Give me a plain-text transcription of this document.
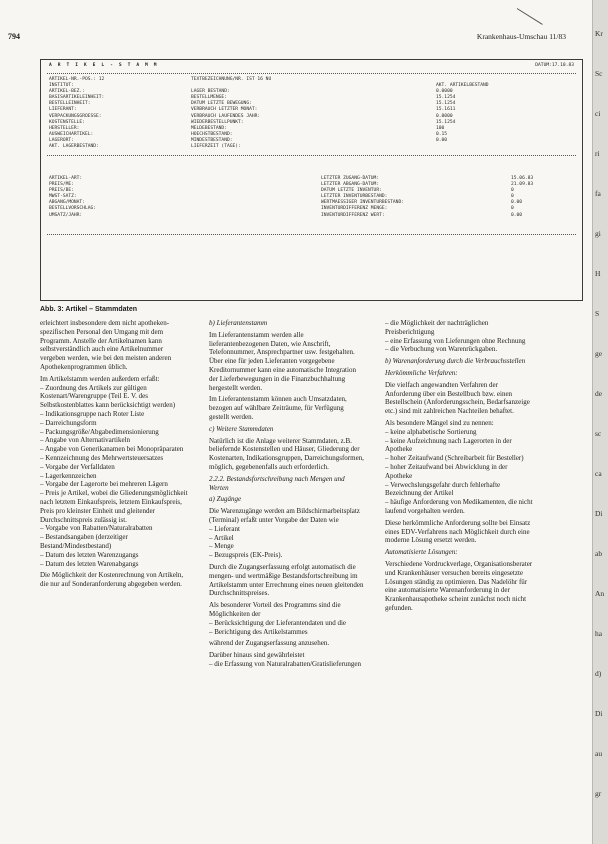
794	Krankenhaus-Umschau 11/83
A R T I K E L - S T A M M	DATUM:17.10.83
ARTIKEL-NR.-POS.: 12
INSTITUT:
ARTIKEL-BEZ.:
BASISARTIKELEINHEIT:
BESTELLEINHEIT:
LIEFERANT:
VERPACKUNGSGROESSE:
KOSTENSTELLE:
HERSTELLER:
AUSWEICHARTIKEL:
LAGERORT:
AKT. LAGERBESTAND:
TEXTBEZEICHNUNG/NR. IST 16 NU
LAGER BESTAND:
BESTELLMENGE:
DATUM LETZTE BEWEGUNG:
VERBRAUCH LETZTER MONAT:
VERBRAUCH LAUFENDES JAHR:
WIEDERBESTELLPUNKT:
MELDEBESTAND:
HOECHSTBESTAND:
MINDESTBESTAND:
LIEFERZEIT (TAGE):
AKT. ARTIKELBESTAND
0.0000
15.1254
15.1254
15.1611
0.0000
15.1254
100
0.15
0.00
ARTIKEL-ART:
PREIS/ME:
PREIS/BE:
MWST-SATZ:
ABGANG/MONAT:
BESTELLVORSCHLAG:
UMSATZ/JAHR:
LETZTER ZUGANG-DATUM:
LETZTER ABGANG-DATUM:
DATUM LETZTE INVENTUR:
LETZTER INVENTURBESTAND:
WERTMAESSIGER INVENTURBESTAND:
INVENTURDIFFERENZ MENGE:
INVENTURDIFFERENZ WERT:
15.06.83
21.09.83
0
0
0.00
0
0.00
Abb. 3: Artikel – Stammdaten

erleichtert insbesondere dem nicht apotheken-spezifischen Personal den Umgang mit dem Programm. Anstelle der Artikelnamen kann selbstverständlich auch eine Artikelnummer vergeben werden, wie bei den meisten anderen Apothekenprogrammen üblich.

Im Artikelstamm werden außerdem erfaßt:

– Zuordnung des Artikels zur gültigen Kostenart/Warengruppe (Teil E. V. des Selbstkostenblattes kann berücksichtigt werden)

– Indikationsgruppe nach Roter Liste

– Darreichungsform

– Packungsgröße/Abgabedimensionierung

– Angabe von Alternativartikeln

– Angabe von Generikanamen bei Monopräparaten

– Kennzeichnung des Mehrwertsteuersatzes

– Vorgabe der Verfalldaten

– Lagerkennzeichen

– Vorgabe der Lagerorte bei mehreren Lägern

– Preis je Artikel, wobei die Gliederungsmöglichkeit nach letztem Einkaufspreis, letztem Einkaufspreis, Preis pro kleinster Einheit und gleitender Durchschnittspreis zulässig ist.

– Vorgabe von Rabatten/Naturalrabatten

– Bestandsangaben (derzeitiger Bestand/Mindestbestand)

– Datum des letzten Warenzugangs

– Datum des letzten Warenabgangs

Die Möglichkeit der Kostenrechnung von Artikeln, die nur auf Sonderanforderung abgegeben werden.

b) Lieferantenstamm

Im Lieferantenstamm werden alle lieferantenbezogenen Daten, wie Anschrift, Telefonnummer, Ansprechpartner usw. festgehalten. Über eine für jeden Lieferanten vorgegebene Kreditornummer kann eine automatische Integration der Lieferbewegungen in die Finanzbuchhaltung hergestellt werden.

Im Lieferantenstamm können auch Umsatzdaten, bezogen auf wählbare Zeiträume, für Verfügung gestellt werden.

c) Weitere Stammdaten

Natürlich ist die Anlage weiterer Stammdaten, z.B. beliefernde Kostenstellen und Häuser, Gliederung der Kostenarten, Indikationsgruppen, Darreichungsformen, möglich, gegebenenfalls auch erforderlich.

2.2.2. Bestandsfortschreibung nach Mengen und Werten

a) Zugänge

Die Warenzugänge werden am Bildschirmarbeitsplatz (Terminal) erfaßt unter Vorgabe der Daten wie

– Lieferant

– Artikel

– Menge

– Bezugspreis (EK-Preis).

Durch die Zugangserfassung erfolgt automatisch die mengen- und wertmäßige Bestandsfortschreibung im Artikelstamm unter Errechnung eines neuen gleitenden Durchschnittspreises.

Als besonderer Vorteil des Programms sind die Möglichkeiten der

– Berücksichtigung der Lieferantendaten und die

– Berichtigung des Artikelstammes

während der Zugangserfassung anzusehen.

Darüber hinaus sind gewährleistet

– die Erfassung von Naturalrabatten/Gratislieferungen

– die Möglichkeit der nachträglichen Preisberichtigung

– eine Erfassung von Lieferungen ohne Rechnung

– die Verbuchung von Warenrückgaben.

b) Warenanforderung durch die Verbrauchsstellen

Herkömmliche Verfahren:

Die vielfach angewandten Verfahren der Anforderung über ein Bestellbuch bzw. einen Bestellschein (Anforderungsschein, Bedarfsanzeige etc.) sind mit zahlreichen Nachteilen behaftet.

Als besondere Mängel sind zu nennen:

– keine alphabetische Sortierung

– keine Aufzeichnung nach Lagerorten in der Apotheke

– hoher Zeitaufwand (Schreibarbeit für Besteller)

– hoher Zeitaufwand bei Abwicklung in der Apotheke

– Verwechslungsgefahr durch fehlerhafte Bezeichnung der Artikel

– häufige Anforderung von Medikamenten, die nicht laufend vorgehalten werden.

Diese herkömmliche Anforderung sollte bei Einsatz eines EDV-Verfahrens nach Möglichkeit durch eine moderne Lösung ersetzt werden.

Automatisierte Lösungen:

Verschiedene Vordruckverlage, Organisationsberater und Krankenhäuser versuchen bereits eingesetzte Lösungen ständig zu optimieren. Das Nadelöhr für eine automatisierte Warenanforderung in der Krankenhausapotheke scheint zunächst noch nicht gefunden.

Kr
Sc
ci
ri
fa
gi
H
S
ge
de
sc
ca
Di
ab
An
ha
d)
Di
au
gr
